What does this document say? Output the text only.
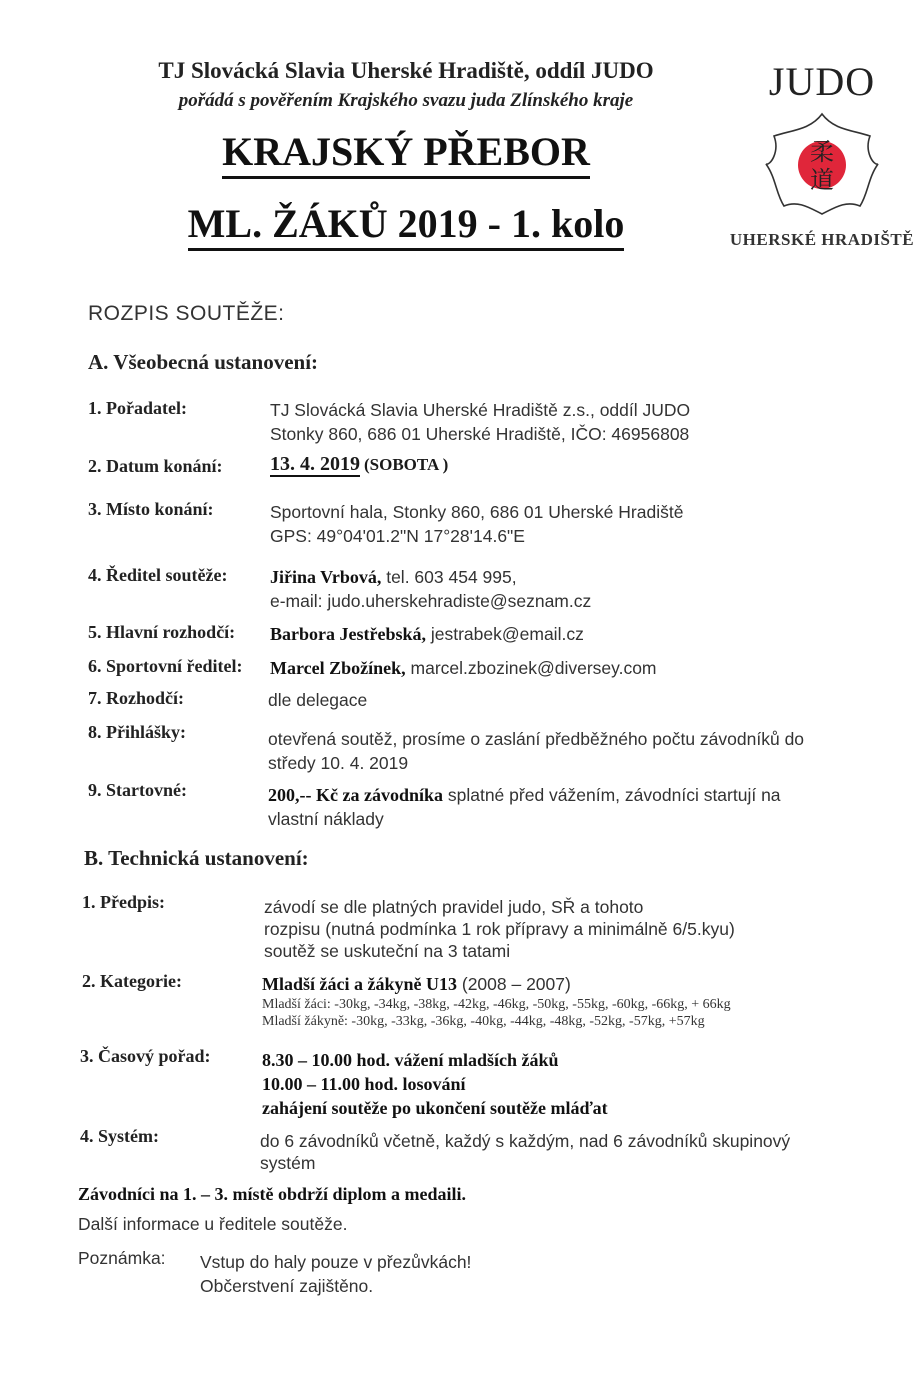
TJ Slovácká Slavia Uherské Hradiště, oddíl JUDO
pořádá s pověřením Krajského svazu juda Zlínského kraje
KRAJSKÝ PŘEBOR
ML. ŽÁKŮ 2019 - 1. kolo
JUDO
柔
道
UHERSKÉ HRADIŠTĚ
ROZPIS SOUTĚŽE:
A. Všeobecná ustanovení:
1. Pořadatel:	TJ Slovácká Slavia Uherské Hradiště z.s., oddíl JUDO
Stonky 860, 686 01 Uherské Hradiště, IČO: 46956808
2. Datum konání: 13. 4. 2019 (SOBOTA )
3. Místo konání:	Sportovní hala, Stonky 860, 686 01 Uherské Hradiště
GPS: 49°04'01.2"N 17°28'14.6"E
4. Ředitel soutěže: Jiřina Vrbová, tel. 603 454 995,
e-mail: judo.uherskehradiste@seznam.cz
5. Hlavní rozhodčí: Barbora Jestřebská, jestrabek@email.cz
6. Sportovní ředitel: Marcel Zbožínek, marcel.zbozinek@diversey.com
7. Rozhodčí:	dle delegace
8. Přihlášky:	otevřená soutěž, prosíme o zaslání předběžného počtu závodníků do
středy 10. 4. 2019
9. Startovné:	200,-- Kč za závodníka splatné před vážením, závodníci startují na
vlastní náklady
B. Technická ustanovení:
1. Předpis:	závodí se dle platných pravidel judo, SŘ a tohoto
rozpisu (nutná podmínka 1 rok přípravy a minimálně 6/5.kyu)
soutěž se uskuteční na 3 tatami
2. Kategorie:	Mladší žáci a žákyně U13 (2008 – 2007)
Mladší žáci: -30kg, -34kg, -38kg, -42kg, -46kg, -50kg, -55kg, -60kg, -66kg, + 66kg
Mladší žákyně: -30kg, -33kg, -36kg, -40kg, -44kg, -48kg, -52kg, -57kg, +57kg
3. Časový pořad:	8.30 – 10.00 hod. vážení mladších žáků
10.00 – 11.00 hod. losování
zahájení soutěže po ukončení soutěže mláďat
4. Systém:	do 6 závodníků včetně, každý s každým, nad 6 závodníků skupinový
systém
Závodníci na 1. – 3. místě obdrží diplom a medaili.
Další informace u ředitele soutěže.
Poznámka: Vstup do haly pouze v přezůvkách!
Občerstvení zajištěno.
